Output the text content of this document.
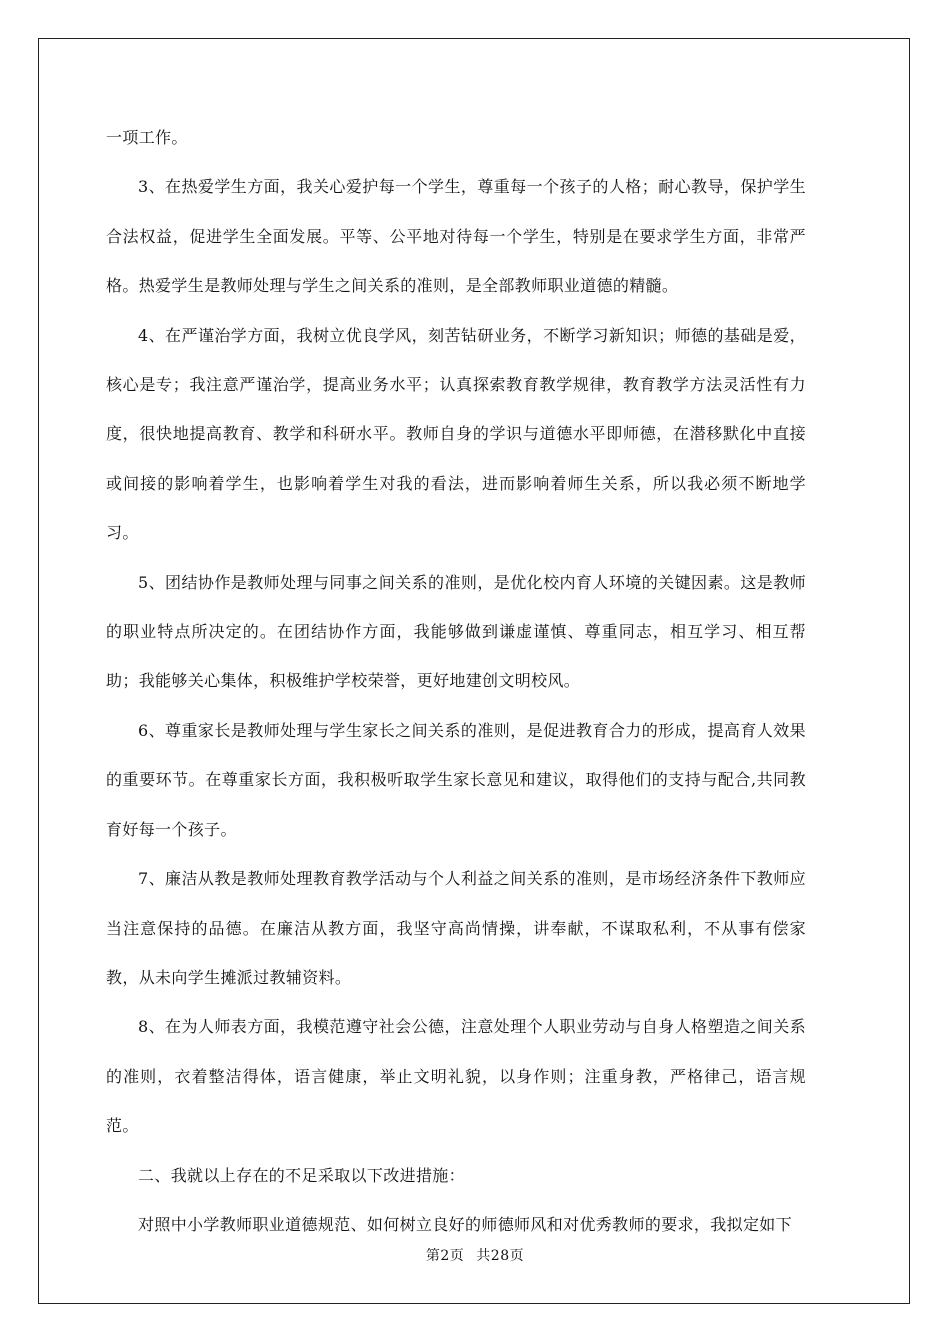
一项工作。

3、在热爱学生方面，我关心爱护每一个学生，尊重每一个孩子的人格；耐心教导，保护学生合法权益，促进学生全面发展。平等、公平地对待每一个学生，特别是在要求学生方面，非常严格。热爱学生是教师处理与学生之间关系的准则，是全部教师职业道德的精髓。

4、在严谨治学方面，我树立优良学风，刻苦钻研业务，不断学习新知识；师德的基础是爱，核心是专；我注意严谨治学，提高业务水平；认真探索教育教学规律，教育教学方法灵活性有力度，很快地提高教育、教学和科研水平。教师自身的学识与道德水平即师德，在潜移默化中直接或间接的影响着学生，也影响着学生对我的看法，进而影响着师生关系，所以我必须不断地学习。

5、团结协作是教师处理与同事之间关系的准则，是优化校内育人环境的关键因素。这是教师的职业特点所决定的。在团结协作方面，我能够做到谦虚谨慎、尊重同志，相互学习、相互帮助；我能够关心集体，积极维护学校荣誉，更好地建创文明校风。

6、尊重家长是教师处理与学生家长之间关系的准则，是促进教育合力的形成，提高育人效果的重要环节。在尊重家长方面，我积极听取学生家长意见和建议，取得他们的支持与配合,共同教育好每一个孩子。

7、廉洁从教是教师处理教育教学活动与个人利益之间关系的准则，是市场经济条件下教师应当注意保持的品德。在廉洁从教方面，我坚守高尚情操，讲奉献，不谋取私利，不从事有偿家教，从未向学生摊派过教辅资料。

8、在为人师表方面，我模范遵守社会公德，注意处理个人职业劳动与自身人格塑造之间关系的准则，衣着整洁得体，语言健康，举止文明礼貌，以身作则；注重身教，严格律己，语言规范。

二、我就以上存在的不足采取以下改进措施：

对照中小学教师职业道德规范、如何树立良好的师德师风和对优秀教师的要求，我拟定如下

第2页 共28页
